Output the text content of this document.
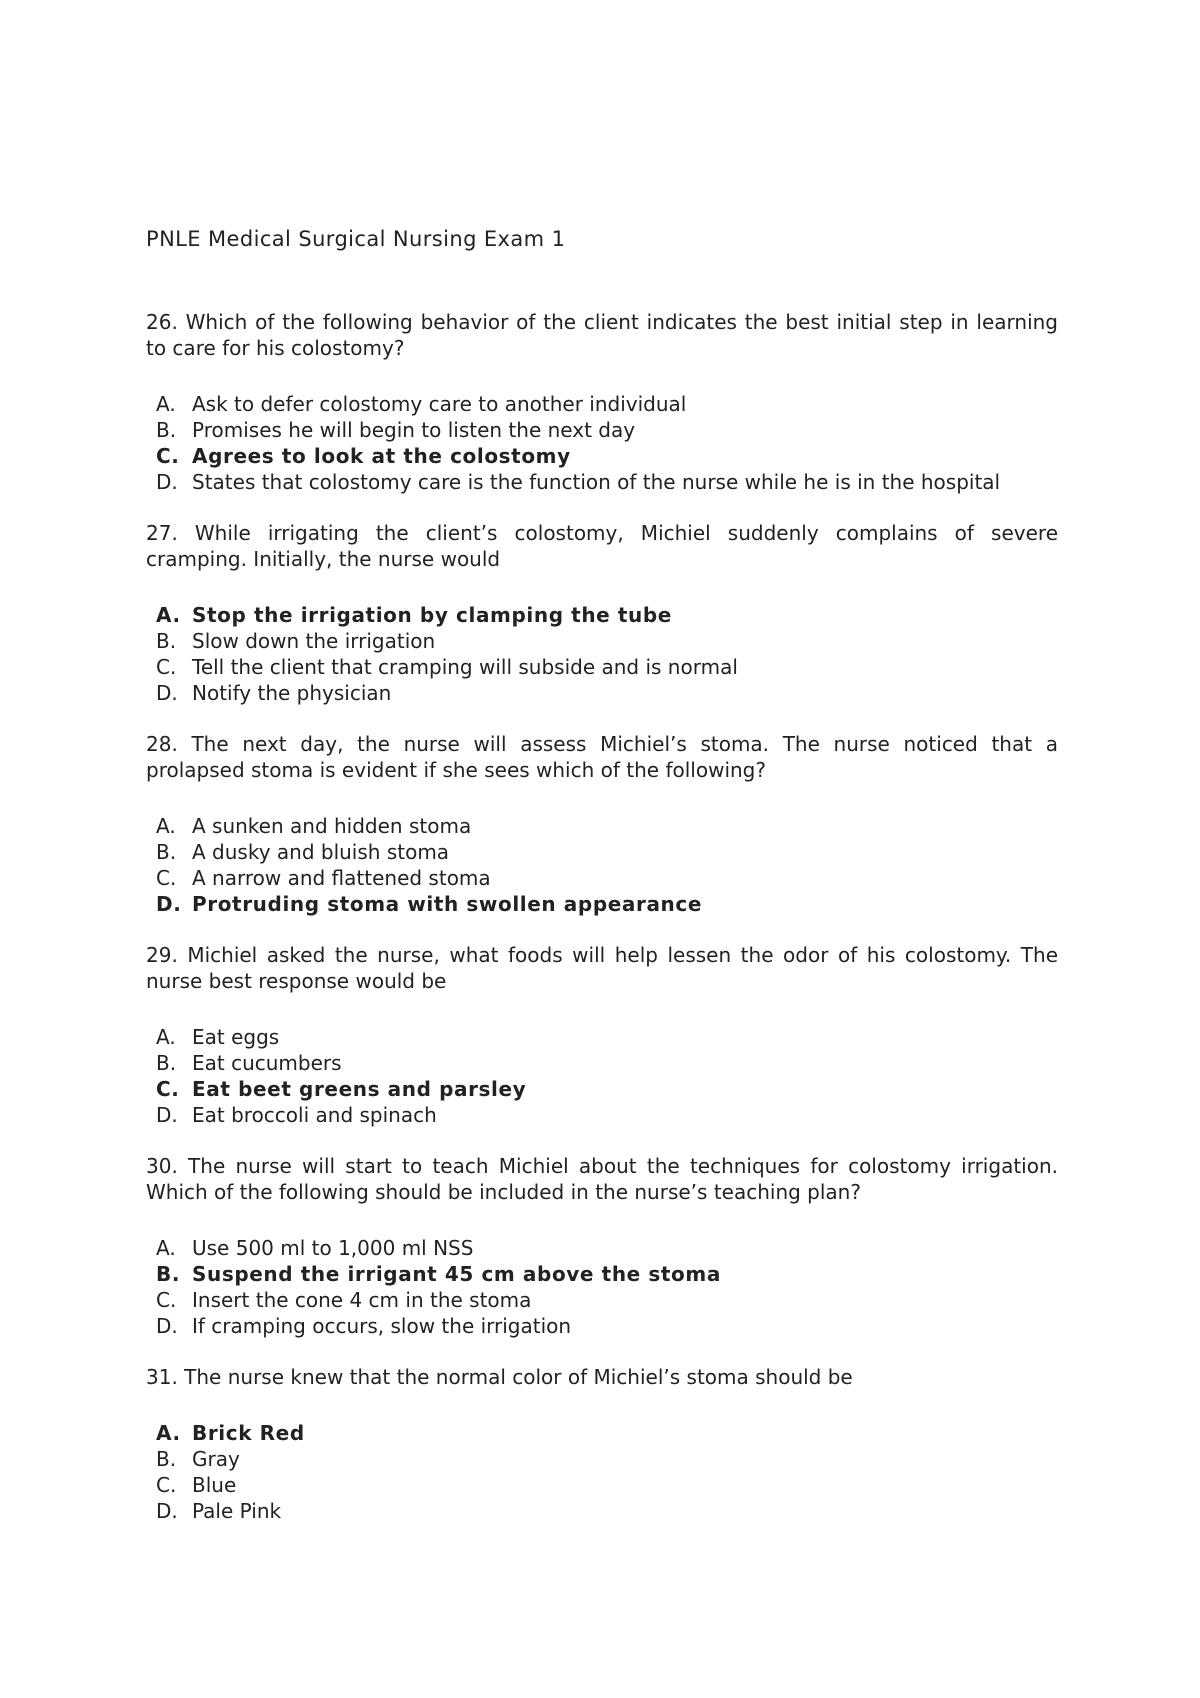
PNLE Medical Surgical Nursing Exam 1

26. Which of the following behavior of the client indicates the best initial step in learning to care for his colostomy?

A. Ask to defer colostomy care to another individual
B. Promises he will begin to listen the next day
C. Agrees to look at the colostomy
D. States that colostomy care is the function of the nurse while he is in the hospital

27. While irrigating the client’s colostomy, Michiel suddenly complains of severe cramping. Initially, the nurse would

A. Stop the irrigation by clamping the tube
B. Slow down the irrigation
C. Tell the client that cramping will subside and is normal
D. Notify the physician

28. The next day, the nurse will assess Michiel’s stoma. The nurse noticed that a prolapsed stoma is evident if she sees which of the following?

A. A sunken and hidden stoma
B. A dusky and bluish stoma
C. A narrow and flattened stoma
D. Protruding stoma with swollen appearance

29. Michiel asked the nurse, what foods will help lessen the odor of his colostomy. The nurse best response would be

A. Eat eggs
B. Eat cucumbers
C. Eat beet greens and parsley
D. Eat broccoli and spinach

30. The nurse will start to teach Michiel about the techniques for colostomy irrigation. Which of the following should be included in the nurse’s teaching plan?

A. Use 500 ml to 1,000 ml NSS
B. Suspend the irrigant 45 cm above the stoma
C. Insert the cone 4 cm in the stoma
D. If cramping occurs, slow the irrigation

31. The nurse knew that the normal color of Michiel’s stoma should be

A. Brick Red
B. Gray
C. Blue
D. Pale Pink
